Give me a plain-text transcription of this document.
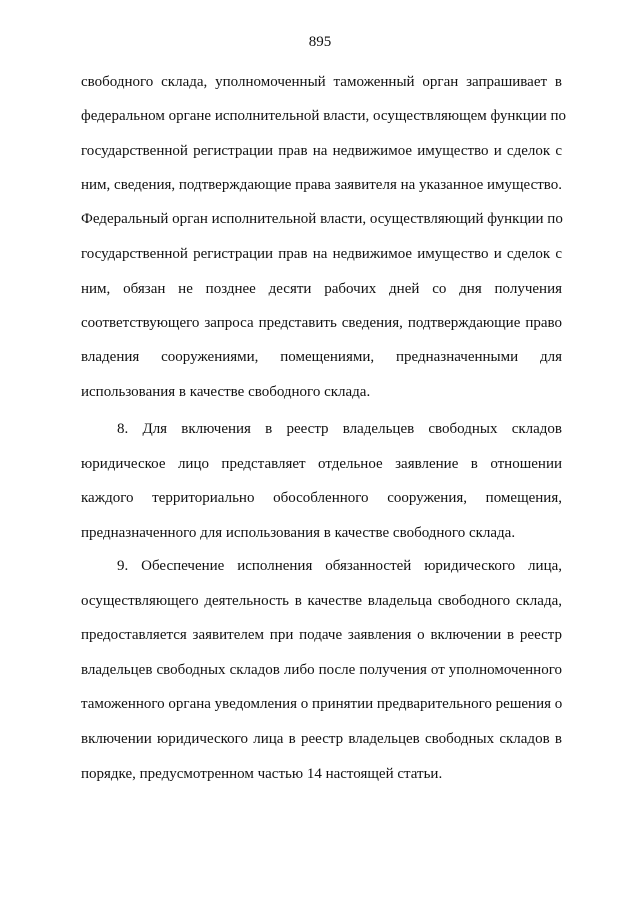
895
свободного склада, уполномоченный таможенный орган запрашивает в
федеральном органе исполнительной власти, осуществляющем функции по
государственной регистрации прав на недвижимое имущество и сделок с
ним, сведения, подтверждающие права заявителя на указанное имущество.
Федеральный орган исполнительной власти, осуществляющий функции по
государственной регистрации прав на недвижимое имущество и сделок с
ним, обязан не позднее десяти рабочих дней со дня получения
соответствующего запроса представить сведения, подтверждающие право
владения сооружениями, помещениями, предназначенными для
использования в качестве свободного склада.
8. Для включения в реестр владельцев свободных складов
юридическое лицо представляет отдельное заявление в отношении
каждого территориально обособленного сооружения, помещения,
предназначенного для использования в качестве свободного склада.
9. Обеспечение исполнения обязанностей юридического лица,
осуществляющего деятельность в качестве владельца свободного склада,
предоставляется заявителем при подаче заявления о включении в реестр
владельцев свободных складов либо после получения от уполномоченного
таможенного органа уведомления о принятии предварительного решения о
включении юридического лица в реестр владельцев свободных складов в
порядке, предусмотренном частью 14 настоящей статьи.
